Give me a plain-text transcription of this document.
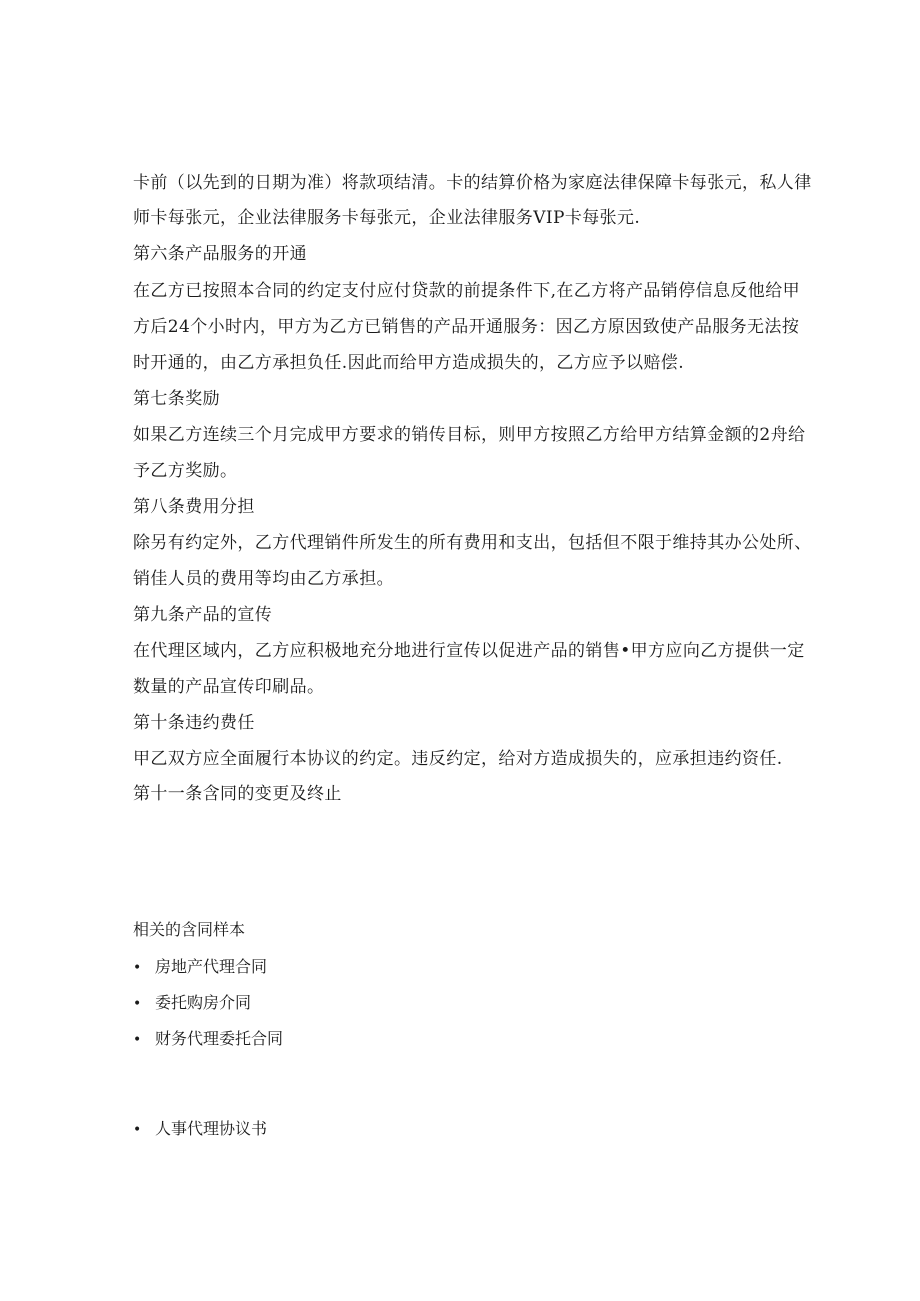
卡前（以先到的日期为准）将款项结清。卡的结算价格为家庭法律保障卡每张元，私人律
师卡每张元，企业法律服务卡每张元，企业法律服务VIP卡每张元.
第六条产品服务的开通
在乙方已按照本合同的约定支付应付贷款的前提条件下,在乙方将产品销停信息反他给甲
方后24个小时内，甲方为乙方已销售的产品开通服务：因乙方原因致使产品服务无法按
时开通的，由乙方承担负任.因此而给甲方造成损失的，乙方应予以赔偿.
第七条奖励
如果乙方连续三个月完成甲方要求的销传目标，则甲方按照乙方给甲方结算金额的2舟给
予乙方奖励。
第八条费用分担
除另有约定外，乙方代理销件所发生的所有费用和支出，包括但不限于维持其办公处所、
销佳人员的费用等均由乙方承担。
第九条产品的宣传
在代理区域内，乙方应积极地充分地进行宣传以促进产品的销售•甲方应向乙方提供一定
数量的产品宣传印刷品。
第十条违约费任
甲乙双方应全面履行本协议的约定。违反约定，给对方造成损失的，应承担违约资任.
第十一条含同的变更及终止
相关的含同样本
• 房地产代理合同
• 委托购房介同
• 财务代理委托合同
• 人事代理协议书
